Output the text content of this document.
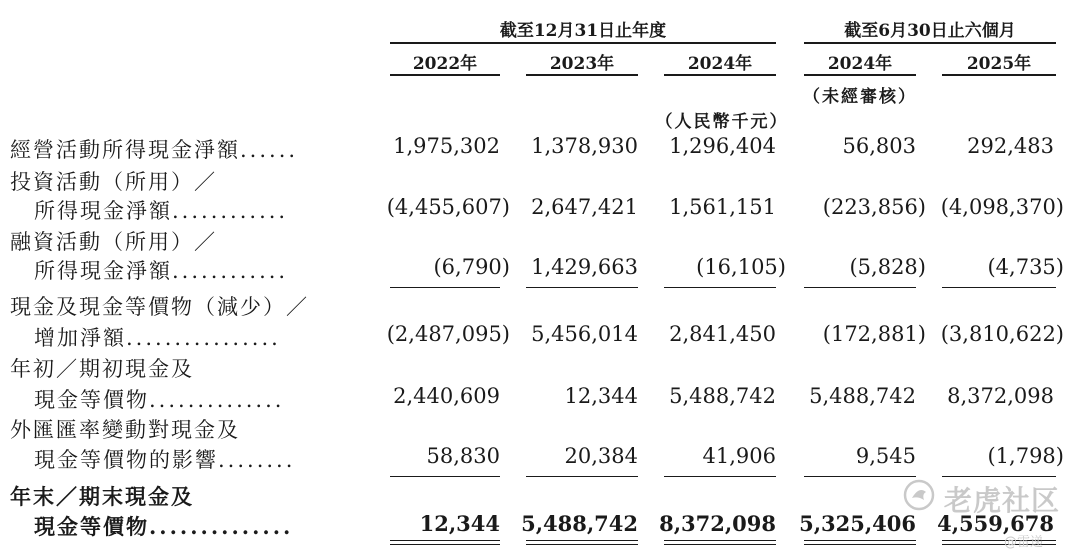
截至12月31日止年度	截至6月30日止六個月
2022年	2023年	2024年	2024年	2025年
（未經審核）
（人民幣千元）
經營活動所得現金淨額......	1,975,302	1,378,930	1,296,404	56,803	292,483
投資活動（所用）／
所得現金淨額............	(4,455,607)	2,647,421	1,561,151	(223,856) (4,098,370)
融資活動（所用）／
所得現金淨額............	(6,790)	1,429,663	(16,105)	(5,828)	(4,735)
現金及現金等價物（減少）／
增加淨額................	(2,487,095)	5,456,014	2,841,450	(172,881) (3,810,622)
年初／期初現金及
現金等價物..............	2,440,609	12,344	5,488,742	5,488,742	8,372,098
外匯匯率變動對現金及
現金等價物的影響........	58,830	20,384	41,906	9,545	(1,798)
年末／期末現金及
現金等價物..............	12,344	5,488,742	8,372,098	5,325,406	4,559,678
老虎社区
@雷递
